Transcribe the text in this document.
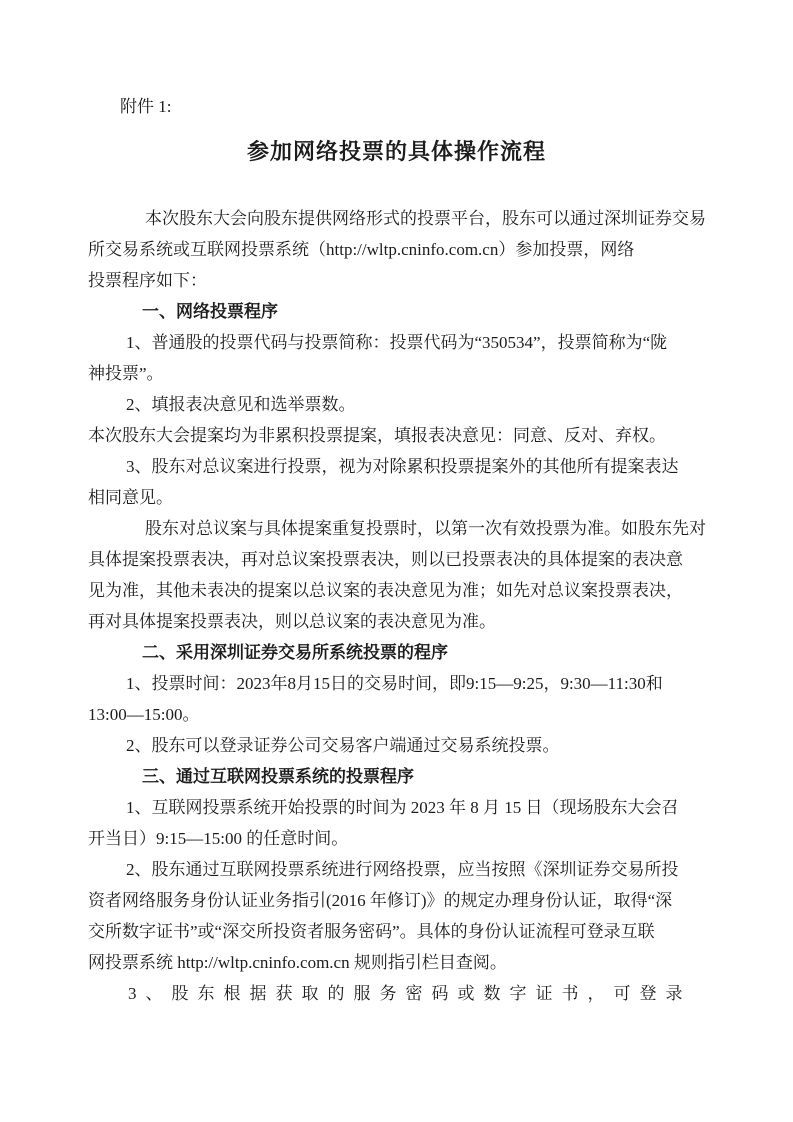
附件 1:
参加网络投票的具体操作流程
本次股东大会向股东提供网络形式的投票平台，股东可以通过深圳证券交易
所交易系统或互联网投票系统（http://wltp.cninfo.com.cn）参加投票，网络
投票程序如下：
一、网络投票程序
1、普通股的投票代码与投票简称：投票代码为“350534”，投票简称为“陇
神投票”。
2、填报表决意见和选举票数。
本次股东大会提案均为非累积投票提案，填报表决意见：同意、反对、弃权。
3、股东对总议案进行投票，视为对除累积投票提案外的其他所有提案表达
相同意见。
股东对总议案与具体提案重复投票时，以第一次有效投票为准。如股东先对
具体提案投票表决，再对总议案投票表决，则以已投票表决的具体提案的表决意
见为准，其他未表决的提案以总议案的表决意见为准；如先对总议案投票表决，
再对具体提案投票表决，则以总议案的表决意见为准。
二、采用深圳证券交易所系统投票的程序
1、投票时间：2023年8月15日的交易时间，即9:15—9:25，9:30—11:30和
13:00—15:00。
2、股东可以登录证券公司交易客户端通过交易系统投票。
三、通过互联网投票系统的投票程序
1、互联网投票系统开始投票的时间为 2023 年 8 月 15 日（现场股东大会召
开当日）9:15—15:00 的任意时间。
2、股东通过互联网投票系统进行网络投票，应当按照《深圳证券交易所投
资者网络服务身份认证业务指引(2016 年修订)》的规定办理身份认证，取得“深
交所数字证书”或“深交所投资者服务密码”。具体的身份认证流程可登录互联
网投票系统 http://wltp.cninfo.com.cn 规则指引栏目查阅。
3、股东根据获取的服务密码或数字证书，可登录
